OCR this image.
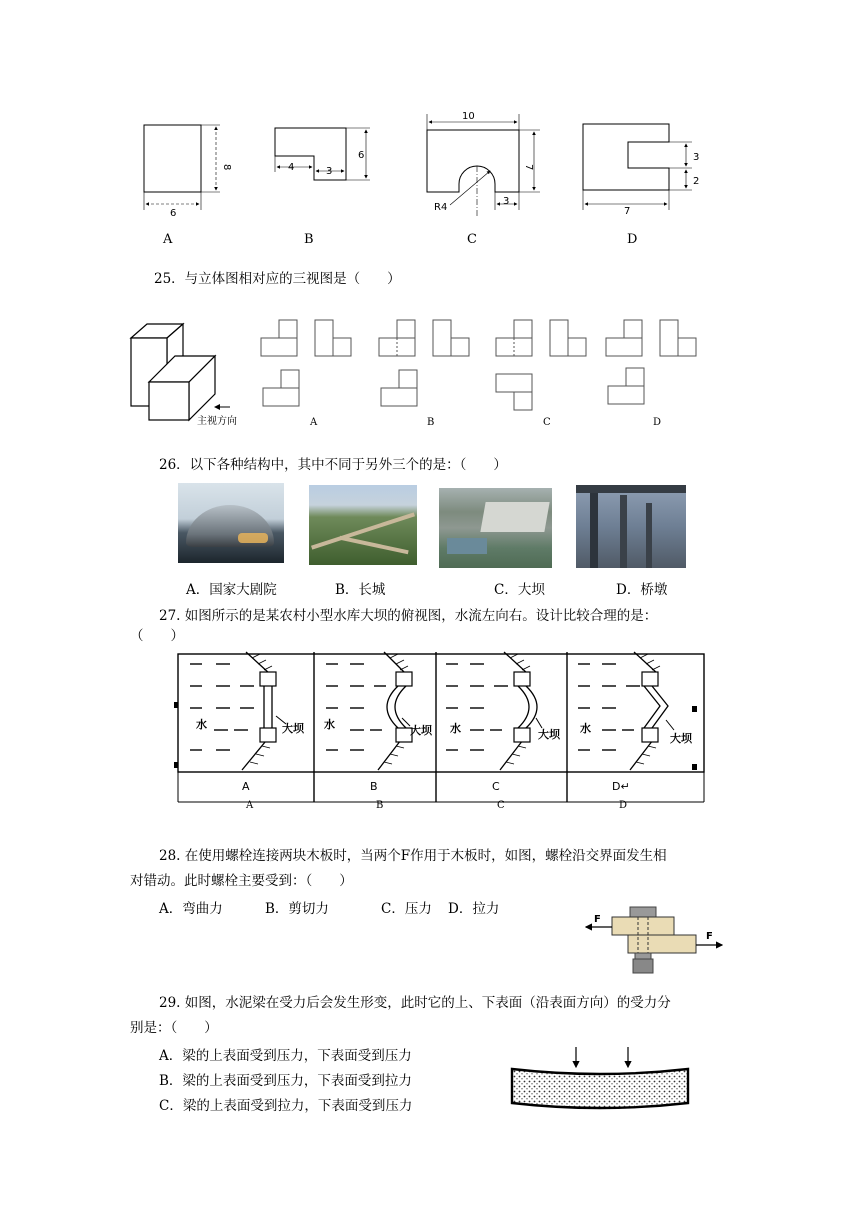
8
6
4	3
6
10
7
R4
3
3
2
7
A	B	C	D
25．与立体图相对应的三视图是（　　）
主视方向	A	B	C	D
26．以下各种结构中，其中不同于另外三个的是：（　　）
A．国家大剧院	B．长城	C．大坝	D．桥墩
27. 如图所示的是某农村小型水库大坝的俯视图，水流左向右。设计比较合理的是：
（　　）
水	水	水	水
大坝	大坝	大坝	大坝
A	B	C	D↵
A	B	C	D
28. 在使用螺栓连接两块木板时，当两个F作用于木板时，如图，螺栓沿交界面发生相
对错动。此时螺栓主要受到：（　　）
A．弯曲力	B．剪切力	C．压力 D．拉力
F
F
29. 如图，水泥梁在受力后会发生形变，此时它的上、下表面（沿表面方向）的受力分
别是：（　　）
A．梁的上表面受到压力，下表面受到压力
B．梁的上表面受到压力，下表面受到拉力
C．梁的上表面受到拉力，下表面受到压力
